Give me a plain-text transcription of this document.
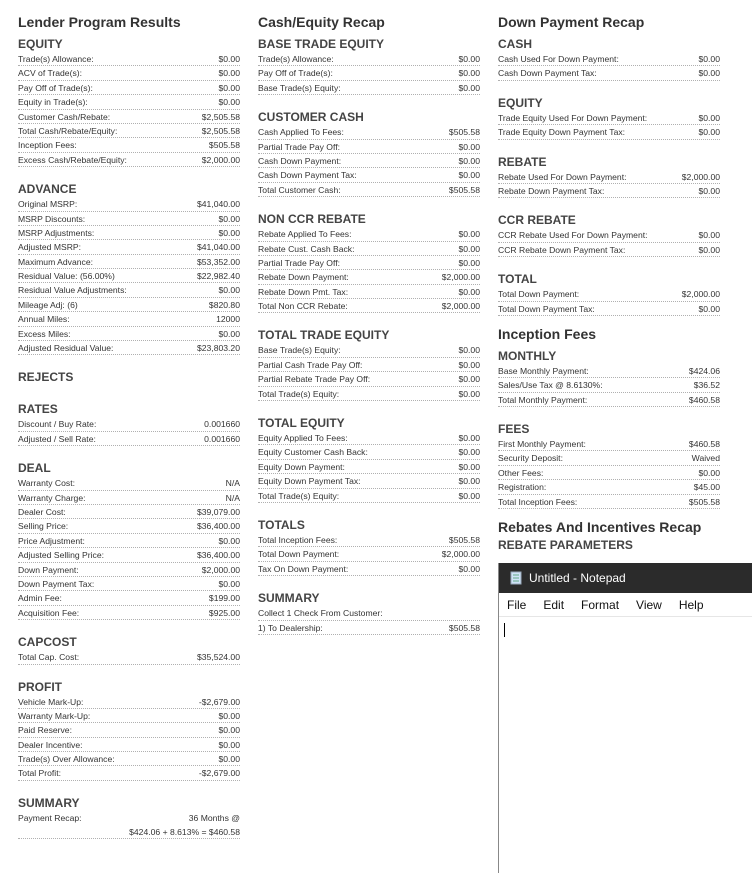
Lender Program Results
EQUITY
Trade(s) Allowance:	$0.00
ACV of Trade(s):	$0.00
Pay Off of Trade(s):	$0.00
Equity in Trade(s):	$0.00
Customer Cash/Rebate:	$2,505.58
Total Cash/Rebate/Equity:	$2,505.58
Inception Fees:	$505.58
Excess Cash/Rebate/Equity:	$2,000.00
ADVANCE
Original MSRP:	$41,040.00
MSRP Discounts:	$0.00
MSRP Adjustments:	$0.00
Adjusted MSRP:	$41,040.00
Maximum Advance:	$53,352.00
Residual Value: (56.00%)	$22,982.40
Residual Value Adjustments:	$0.00
Mileage Adj: (6)	$820.80
Annual Miles:	12000
Excess Miles:	$0.00
Adjusted Residual Value:	$23,803.20
REJECTS
RATES
Discount / Buy Rate:	0.001660
Adjusted / Sell Rate:	0.001660
DEAL
Warranty Cost:	N/A
Warranty Charge:	N/A
Dealer Cost:	$39,079.00
Selling Price:	$36,400.00
Price Adjustment:	$0.00
Adjusted Selling Price:	$36,400.00
Down Payment:	$2,000.00
Down Payment Tax:	$0.00
Admin Fee:	$199.00
Acquisition Fee:	$925.00
CAPCOST
Total Cap. Cost:	$35,524.00
PROFIT
Vehicle Mark-Up:	-$2,679.00
Warranty Mark-Up:	$0.00
Paid Reserve:	$0.00
Dealer Incentive:	$0.00
Trade(s) Over Allowance:	$0.00
Total Profit:	-$2,679.00
SUMMARY
Payment Recap:	36 Months @
$424.06 + 8.613% = $460.58
Cash/Equity Recap
BASE TRADE EQUITY
Trade(s) Allowance:	$0.00
Pay Off of Trade(s):	$0.00
Base Trade(s) Equity:	$0.00
CUSTOMER CASH
Cash Applied To Fees:	$505.58
Partial Trade Pay Off:	$0.00
Cash Down Payment:	$0.00
Cash Down Payment Tax:	$0.00
Total Customer Cash:	$505.58
NON CCR REBATE
Rebate Applied To Fees:	$0.00
Rebate Cust. Cash Back:	$0.00
Partial Trade Pay Off:	$0.00
Rebate Down Payment:	$2,000.00
Rebate Down Pmt. Tax:	$0.00
Total Non CCR Rebate:	$2,000.00
TOTAL TRADE EQUITY
Base Trade(s) Equity:	$0.00
Partial Cash Trade Pay Off:	$0.00
Partial Rebate Trade Pay Off:	$0.00
Total Trade(s) Equity:	$0.00
TOTAL EQUITY
Equity Applied To Fees:	$0.00
Equity Customer Cash Back:	$0.00
Equity Down Payment:	$0.00
Equity Down Payment Tax:	$0.00
Total Trade(s) Equity:	$0.00
TOTALS
Total Inception Fees:	$505.58
Total Down Payment:	$2,000.00
Tax On Down Payment:	$0.00
SUMMARY
Collect 1 Check From Customer:
1) To Dealership:	$505.58
Down Payment Recap
CASH
Cash Used For Down Payment:	$0.00
Cash Down Payment Tax:	$0.00
EQUITY
Trade Equity Used For Down Payment:	$0.00
Trade Equity Down Payment Tax:	$0.00
REBATE
Rebate Used For Down Payment:	$2,000.00
Rebate Down Payment Tax:	$0.00
CCR REBATE
CCR Rebate Used For Down Payment:	$0.00
CCR Rebate Down Payment Tax:	$0.00
TOTAL
Total Down Payment:	$2,000.00
Total Down Payment Tax:	$0.00
Inception Fees
MONTHLY
Base Monthly Payment:	$424.06
Sales/Use Tax @ 8.6130%:	$36.52
Total Monthly Payment:	$460.58
FEES
First Monthly Payment:	$460.58
Security Deposit:	Waived
Other Fees:	$0.00
Registration:	$45.00
Total Inception Fees:	$505.58
Rebates And Incentives Recap
REBATE PARAMETERS
Untitled - Notepad
File Edit Format View Help
